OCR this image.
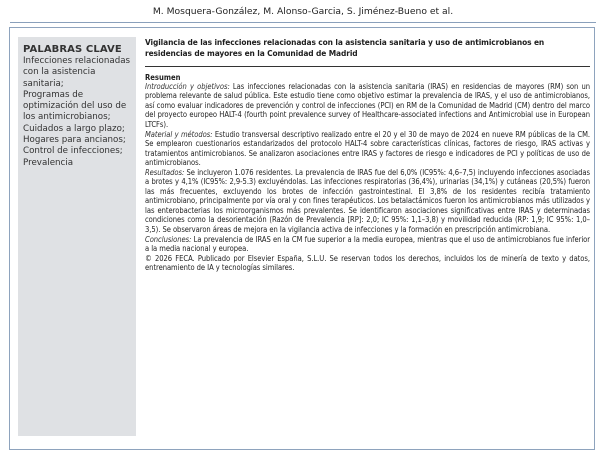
M. Mosquera-González, M. Alonso-Garcia, S. Jiménez-Bueno et al.
PALABRAS CLAVE
Infecciones relacionadas con la asistencia sanitaria;
Programas de optimización del uso de los antimicrobianos;
Cuidados a largo plazo;
Hogares para ancianos;
Control de infecciones;
Prevalencia
Vigilancia de las infecciones relacionadas con la asistencia sanitaria y uso de antimicrobianos en residencias de mayores en la Comunidad de Madrid
Resumen

Introducción y objetivos: Las infecciones relacionadas con la asistencia sanitaria (IRAS) en residencias de mayores (RM) son un problema relevante de salud pública. Este estudio tiene como objetivo estimar la prevalencia de IRAS, y el uso de antimicrobianos, así como evaluar indicadores de prevención y control de infecciones (PCI) en RM de la Comunidad de Madrid (CM) dentro del marco del proyecto europeo HALT-4 (fourth point prevalence survey of Healthcare-associated infections and Antimicrobial use in European LTCFs).

Material y métodos: Estudio transversal descriptivo realizado entre el 20 y el 30 de mayo de 2024 en nueve RM públicas de la CM. Se emplearon cuestionarios estandarizados del protocolo HALT-4 sobre características clínicas, factores de riesgo, IRAS activas y tratamientos antimicrobianos. Se analizaron asociaciones entre IRAS y factores de riesgo e indicadores de PCI y políticas de uso de antimicrobianos.

Resultados: Se incluyeron 1.076 residentes. La prevalencia de IRAS fue del 6,0% (IC95%: 4,6–7,5) incluyendo infecciones asociadas a brotes y 4,1% (IC95%: 2,9-5.3) excluyéndolas. Las infecciones respiratorias (36,4%), urinarias (34,1%) y cutáneas (20,5%) fueron las más frecuentes, excluyendo los brotes de infección gastrointestinal. El 3,8% de los residentes recibía tratamiento antimicrobiano, principalmente por vía oral y con fines terapéuticos. Los betalactámicos fueron los antimicrobianos más utilizados y las enterobacterias los microorganismos más prevalentes. Se identificaron asociaciones significativas entre IRAS y determinadas condiciones como la desorientación (Razón de Prevalencia [RP]: 2,0; IC 95%: 1,1–3,8) y movilidad reducida (RP: 1,9; IC 95%: 1,0–3,5). Se observaron áreas de mejora en la vigilancia activa de infecciones y la formación en prescripción antimicrobiana.

Conclusiones: La prevalencia de IRAS en la CM fue superior a la media europea, mientras que el uso de antimicrobianos fue inferior a la media nacional y europea.

© 2026 FECA. Publicado por Elsevier España, S.L.U. Se reservan todos los derechos, incluidos los de minería de texto y datos, entrenamiento de IA y tecnologías similares.
